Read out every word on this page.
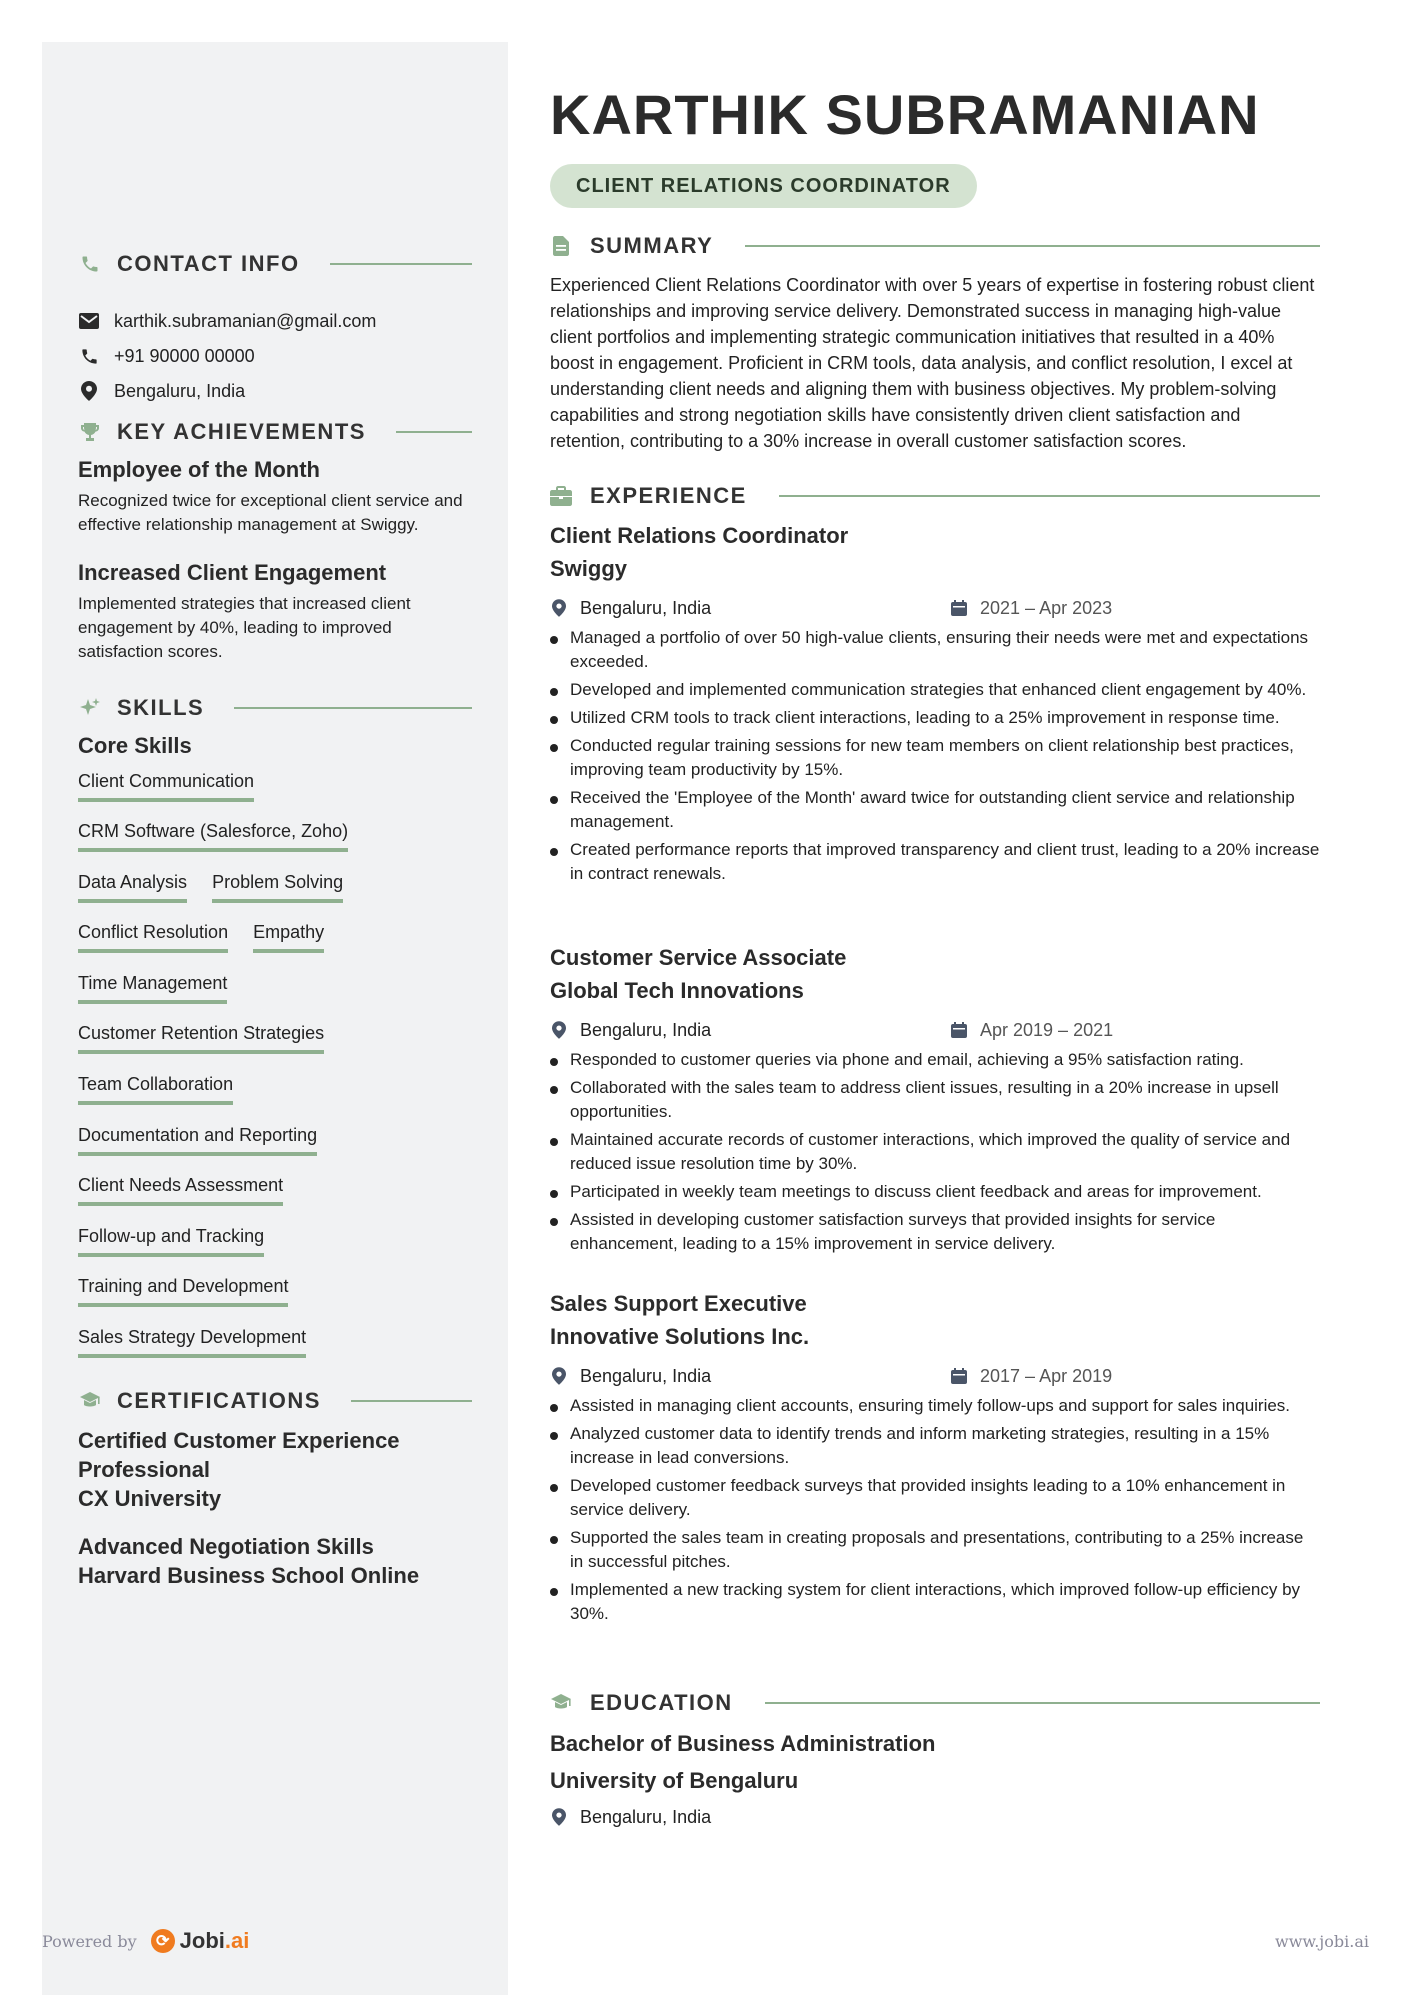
CONTACT INFO
karthik.subramanian@gmail.com
+91 90000 00000
Bengaluru, India
KEY ACHIEVEMENTS
Employee of the Month
Recognized twice for exceptional client service and effective relationship management at Swiggy.
Increased Client Engagement
Implemented strategies that increased client engagement by 40%, leading to improved satisfaction scores.
SKILLS
Core Skills
Client Communication
CRM Software (Salesforce, Zoho)
Data Analysis Problem Solving
Conflict Resolution Empathy
Time Management
Customer Retention Strategies
Team Collaboration
Documentation and Reporting
Client Needs Assessment
Follow-up and Tracking
Training and Development
Sales Strategy Development
CERTIFICATIONS
Certified Customer Experience Professional
CX University
Advanced Negotiation Skills
Harvard Business School Online
KARTHIK SUBRAMANIAN
CLIENT RELATIONS COORDINATOR
SUMMARY
Experienced Client Relations Coordinator with over 5 years of expertise in fostering robust client relationships and improving service delivery. Demonstrated success in managing high-value client portfolios and implementing strategic communication initiatives that resulted in a 40% boost in engagement. Proficient in CRM tools, data analysis, and conflict resolution, I excel at understanding client needs and aligning them with business objectives. My problem-solving capabilities and strong negotiation skills have consistently driven client satisfaction and retention, contributing to a 30% increase in overall customer satisfaction scores.
EXPERIENCE
Client Relations Coordinator
Swiggy
Bengaluru, India	2021 – Apr 2023
Managed a portfolio of over 50 high-value clients, ensuring their needs were met and expectations exceeded.
Developed and implemented communication strategies that enhanced client engagement by 40%.
Utilized CRM tools to track client interactions, leading to a 25% improvement in response time.
Conducted regular training sessions for new team members on client relationship best practices, improving team productivity by 15%.
Received the 'Employee of the Month' award twice for outstanding client service and relationship management.
Created performance reports that improved transparency and client trust, leading to a 20% increase in contract renewals.
Customer Service Associate
Global Tech Innovations
Bengaluru, India	Apr 2019 – 2021
Responded to customer queries via phone and email, achieving a 95% satisfaction rating.
Collaborated with the sales team to address client issues, resulting in a 20% increase in upsell opportunities.
Maintained accurate records of customer interactions, which improved the quality of service and reduced issue resolution time by 30%.
Participated in weekly team meetings to discuss client feedback and areas for improvement.
Assisted in developing customer satisfaction surveys that provided insights for service enhancement, leading to a 15% improvement in service delivery.
Sales Support Executive
Innovative Solutions Inc.
Bengaluru, India	2017 – Apr 2019
Assisted in managing client accounts, ensuring timely follow-ups and support for sales inquiries.
Analyzed customer data to identify trends and inform marketing strategies, resulting in a 15% increase in lead conversions.
Developed customer feedback surveys that provided insights leading to a 10% enhancement in service delivery.
Supported the sales team in creating proposals and presentations, contributing to a 25% increase in successful pitches.
Implemented a new tracking system for client interactions, which improved follow-up efficiency by 30%.
EDUCATION
Bachelor of Business Administration
University of Bengaluru
Bengaluru, India
Powered by	⟳ Jobi .ai	www.jobi.ai
